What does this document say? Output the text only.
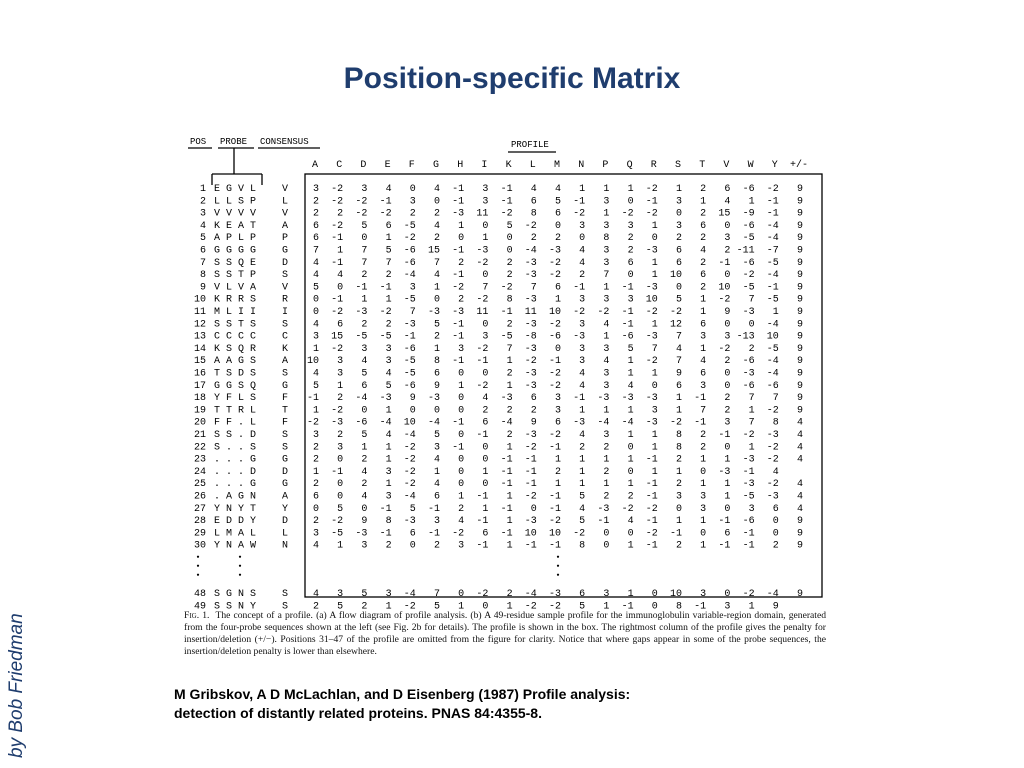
Position-specific Matrix
by Bob Friedman
POS PROBE CONSENSUS	PROFILE
A C D E F G H I K L M N P Q R S T V W Y +/-
1 E G V L	V 3 -2 3 4 0 4 -1 3 -1 4 4 1 1 1 -2 1 2 6 -6 -2 9
2 L L S P	L 2 -2 -2 -1 3 0 -1 3 -1 6 5 -1 3 0 -1 3 1 4 1 -1 9
3 V V V V	V 2 2 -2 -2 2 2 -3 11 -2 8 6 -2 1 -2 -2 0 2 15 -9 -1 9
4 K E A T	A 6 -2 5 6 -5 4 1 0 5 -2 0 3 3 3 1 3 6 0 -6 -4 9
5 A P L P	P 6 -1 0 1 -2 2 0 1 0 2 2 0 8 2 0 2 2 3 -5 -4 9
6 G G G G	G 7 1 7 5 -6 15 -1 -3 0 -4 -3 4 3 2 -3 6 4 2 -11 -7 9
7 S S Q E	D 4 -1 7 7 -6 7 2 -2 2 -3 -2 4 3 6 1 6 2 -1 -6 -5 9
8 S S T P	S 4 4 2 2 -4 4 -1 0 2 -3 -2 2 7 0 1 10 6 0 -2 -4 9
9 V L V A	V 5 0 -1 -1 3 1 -2 7 -2 7 6 -1 1 -1 -3 0 2 10 -5 -1 9
10 K R R S	R 0 -1 1 1 -5 0 2 -2 8 -3 1 3 3 3 10 5 1 -2 7 -5 9
11 M L I I	I 0 -2 -3 -2 7 -3 -3 11 -1 11 10 -2 -2 -1 -2 -2 1 9 -3 1 9
12 S S T S	S 4 6 2 2 -3 5 -1 0 2 -3 -2 3 4 -1 1 12 6 0 0 -4 9
13 C C C C	C 3 15 -5 -5 -1 2 -1 3 -5 -8 -6 -3 1 -6 -3 7 3 3 -13 10 9
14 K S Q R	K 1 -2 3 3 -6 1 3 -2 7 -3 0 3 3 5 7 4 1 -2 2 -5 9
15 A A G S	A 10 3 4 3 -5 8 -1 -1 1 -2 -1 3 4 1 -2 7 4 2 -6 -4 9
16 T S D S	S 4 3 5 4 -5 6 0 0 2 -3 -2 4 3 1 1 9 6 0 -3 -4 9
17 G G S Q	G 5 1 6 5 -6 9 1 -2 1 -3 -2 4 3 4 0 6 3 0 -6 -6 9
18 Y F L S	F -1 2 -4 -3 9 -3 0 4 -3 6 3 -1 -3 -3 -3 1 -1 2 7 7 9
19 T T R L	T 1 -2 0 1 0 0 0 2 2 2 3 1 1 1 3 1 7 2 1 -2 9
20 F F . L	F -2 -3 -6 -4 10 -4 -1 6 -4 9 6 -3 -4 -4 -3 -2 -1 3 7 8 4
21 S S . D	S 3 2 5 4 -4 5 0 -1 2 -3 -2 4 3 1 1 8 2 -1 -2 -3 4
22 S . . S	S 2 3 1 1 -2 3 -1 0 1 -2 -1 2 2 0 1 8 2 0 1 -2 4
23 . . . G	G 2 0 2 1 -2 4 0 0 -1 -1 1 1 1 1 -1 2 1 1 -3 -2 4
24 . . . D	D 1 -1 4 3 -2 1 0 1 -1 -1 2 1 2 0 1 1 0 -3 -1 4
25 . . . G	G 2 0 2 1 -2 4 0 0 -1 -1 1 1 1 1 -1 2 1 1 -3 -2 4
26 . A G N	A 6 0 4 3 -4 6 1 -1 1 -2 -1 5 2 2 -1 3 3 1 -5 -3 4
27 Y N Y T	Y 0 5 0 -1 5 -1 2 1 -1 0 -1 4 -3 -2 -2 0 3 0 3 6 4
28 E D D Y	D 2 -2 9 8 -3 3 4 -1 1 -3 -2 5 -1 4 -1 1 1 -1 -6 0 9
29 L M A L	L 3 -5 -3 -1 6 -1 -2 6 -1 10 10 -2 0 0 -2 -1 0 6 -1 0 9
30 Y N A W	N 4 1 3 2 0 2 3 -1 1 -1 -1 8 0 1 -1 2 1 -1 -1 2 9
48 S G N S	S 4 3 5 3 -4 7 0 -2 2 -4 -3 6 3 1 0 10 3 0 -2 -4 9
49 S S N Y	S 2 5 2 1 -2 5 1 0 1 -2 -2 5 1 -1 0 8 -1 3 1 9

Fig. 1. The concept of a profile. (a) A flow diagram of profile analysis. (b) A 49-residue sample profile for the immunoglobulin variable-region domain, generated from the four-probe sequences shown at the left (see Fig. 2b for details). The profile is shown in the box. The rightmost column of the profile gives the penalty for insertion/deletion (+/−). Positions 31–47 of the profile are omitted from the figure for clarity. Notice that where gaps appear in some of the probe sequences, the insertion/deletion penalty is lower than elsewhere.

M Gribskov, A D McLachlan, and D Eisenberg (1987) Profile analysis:
detection of distantly related proteins. PNAS 84:4355-8.
